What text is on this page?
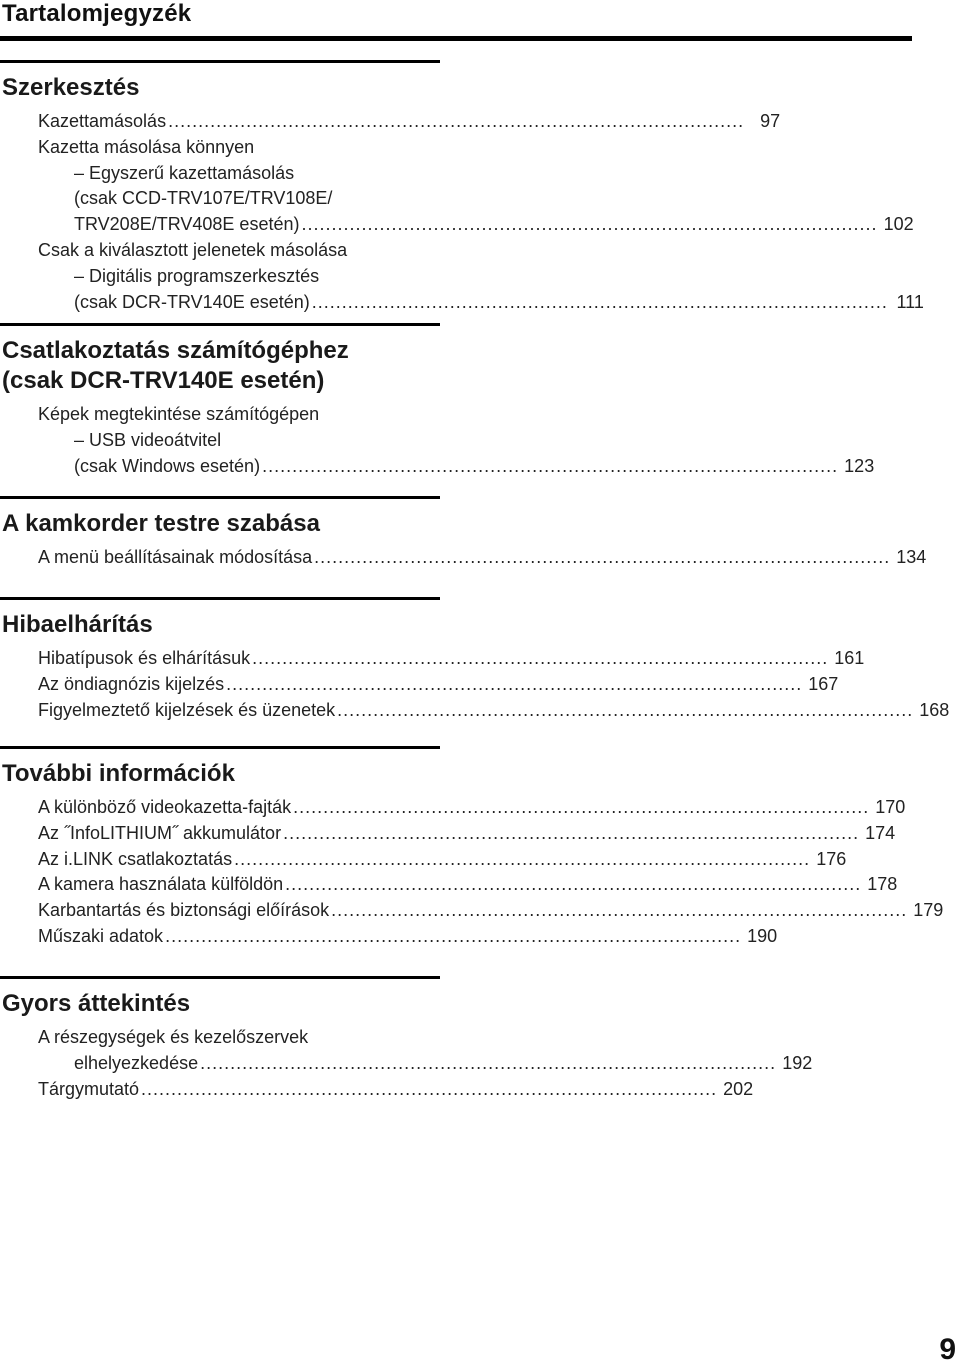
Tartalomjegyzék
Szerkesztés
Kazettamásolás .....	97
Kazetta másolása könnyen
– Egyszerű kazettamásolás
(csak CCD-TRV107E/TRV108E/
TRV208E/TRV408E esetén) .....	102
Csak a kiválasztott jelenetek másolása
– Digitális programszerkesztés
(csak DCR-TRV140E esetén) .....	111
Csatlakoztatás számítógéphez
(csak DCR-TRV140E esetén)
Képek megtekintése számítógépen
– USB videoátvitel
(csak Windows esetén) .....	123
A kamkorder testre szabása
A menü beállításainak módosítása .....	134
Hibaelhárítás
Hibatípusok és elhárításuk .....	161
Az öndiagnózis kijelzés .....	167
Figyelmeztető kijelzések és üzenetek .....	168
További információk
A különböző videokazetta-fajták .....	170
Az ˝InfoLITHIUM˝ akkumulátor .....	174
Az i.LINK csatlakoztatás .....	176
A kamera használata külföldön .....	178
Karbantartás és biztonsági előírások .....	179
Műszaki adatok .....	190
Gyors áttekintés
A részegységek és kezelőszervek
elhelyezkedése .....	192
Tárgymutató .....	202
9
